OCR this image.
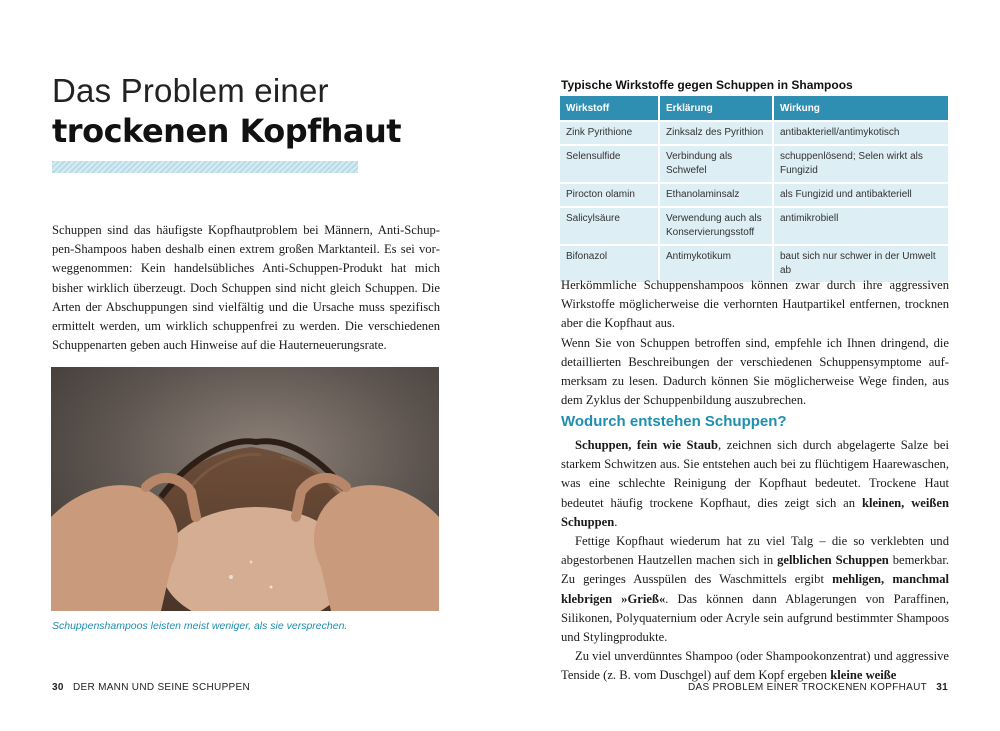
Das Problem einer
trockenen Kopfhaut
Schuppen sind das häufigste Kopfhautproblem bei Männern, Anti-Schuppen-Shampoos haben deshalb einen extrem großen Marktanteil. Es sei vorweggenommen: Kein handelsübliches Anti-Schuppen-Produkt hat mich bisher wirklich überzeugt. Doch Schuppen sind nicht gleich Schuppen. Die Arten der Abschuppungen sind vielfältig und die Ursache muss spezifisch ermittelt werden, um wirklich schuppenfrei zu werden. Die verschiedenen Schuppenarten geben auch Hinweise auf die Hauterneuerungsrate.
Schuppenshampoos leisten meist weniger, als sie versprechen.
30 DER MANN UND SEINE SCHUPPEN
Typische Wirkstoffe gegen Schuppen in Shampoos
Wirkstoff	Erklärung	Wirkung
Zink Pyrithione	Zinksalz des Pyrithion	antibakteriell/antimykotisch
Selensulfide	Verbindung als Schwefel	schuppenlösend; Selen wirkt als Fungizid
Pirocton olamin	Ethanolaminsalz	als Fungizid und antibakteriell
Salicylsäure	Verwendung auch als Konservierungsstoff	antimikrobiell
Bifonazol	Antimykotikum	baut sich nur schwer in der Umwelt ab

Herkömmliche Schuppenshampoos können zwar durch ihre aggressiven Wirkstoffe möglicherweise die verhornten Hautpartikel entfernen, trocknen aber die Kopfhaut aus.

Wenn Sie von Schuppen betroffen sind, empfehle ich Ihnen dringend, die detaillierten Beschreibungen der verschiedenen Schuppensymptome aufmerksam zu lesen. Dadurch können Sie möglicherweise Wege finden, aus dem Zyklus der Schuppenbildung auszubrechen.

Wodurch entstehen Schuppen?

Schuppen, fein wie Staub, zeichnen sich durch abgelagerte Salze bei starkem Schwitzen aus. Sie entstehen auch bei zu flüchtigem Haarewaschen, was eine schlechte Reinigung der Kopfhaut bedeutet. Trockene Haut bedeutet häufig trockene Kopfhaut, dies zeigt sich an kleinen, weißen Schuppen.

Fettige Kopfhaut wiederum hat zu viel Talg – die so verklebten und abgestorbenen Hautzellen machen sich in gelblichen Schuppen bemerkbar. Zu geringes Ausspülen des Waschmittels ergibt mehligen, manchmal klebrigen »Grieß«. Das können dann Ablagerungen von Paraffinen, Silikonen, Polyquaternium oder Acryle sein aufgrund bestimmter Shampoos und Stylingprodukte.

Zu viel unverdünntes Shampoo (oder Shampookonzentrat) und aggressive Tenside (z. B. vom Duschgel) auf dem Kopf ergeben kleine weiße

DAS PROBLEM EINER TROCKENEN KOPFHAUT 31
